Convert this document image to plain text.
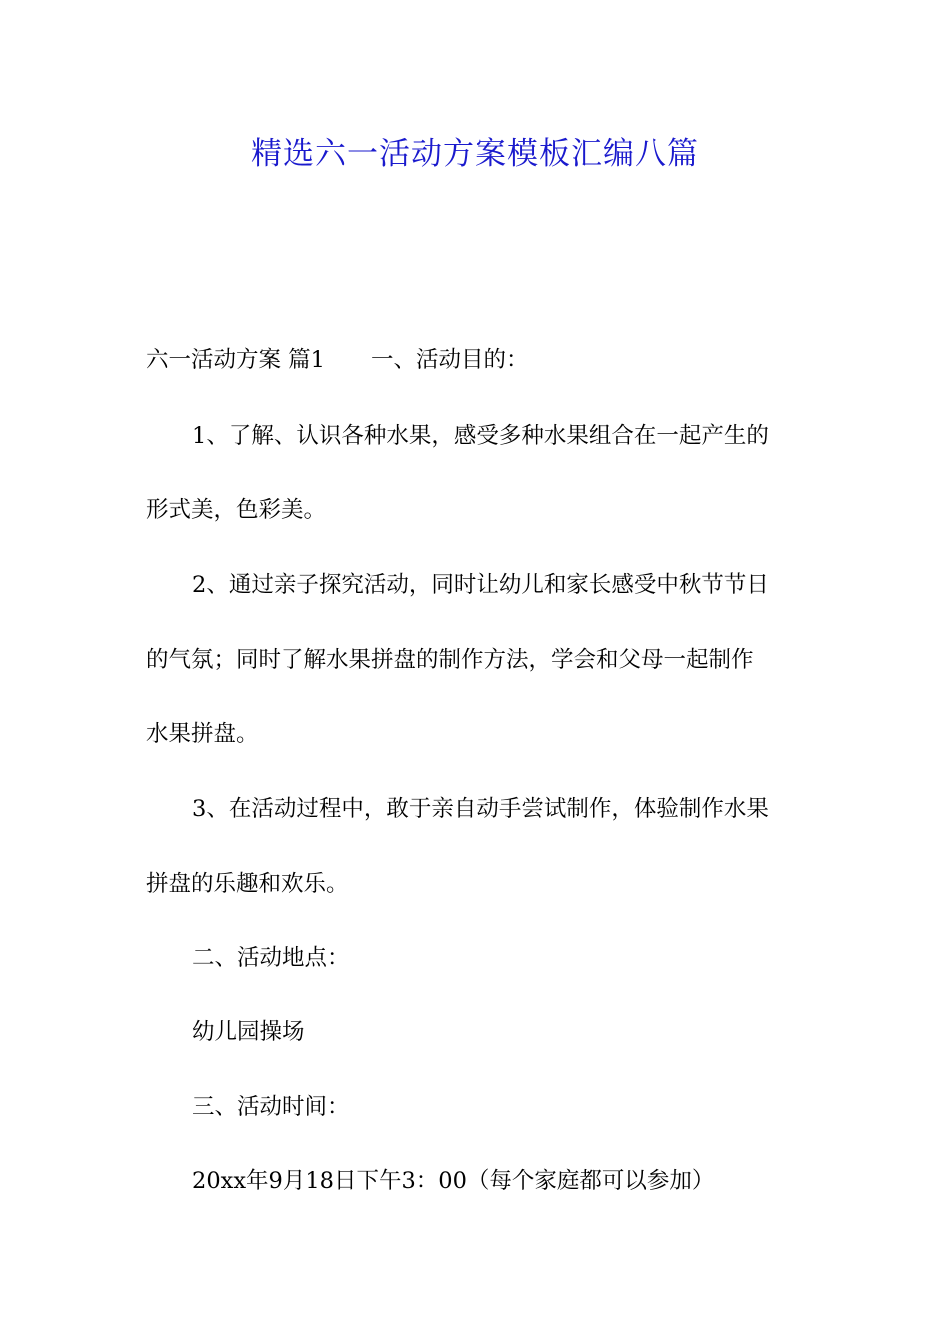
精选六一活动方案模板汇编八篇

六一活动方案 篇1 一、活动目的：

1、了解、认识各种水果，感受多种水果组合在一起产生的

形式美，色彩美。

2、通过亲子探究活动，同时让幼儿和家长感受中秋节节日

的气氛；同时了解水果拼盘的制作方法，学会和父母一起制作

水果拼盘。

3、在活动过程中，敢于亲自动手尝试制作，体验制作水果

拼盘的乐趣和欢乐。

二、活动地点：

幼儿园操场

三、活动时间：

20xx年9月18日下午3：00（每个家庭都可以参加）
